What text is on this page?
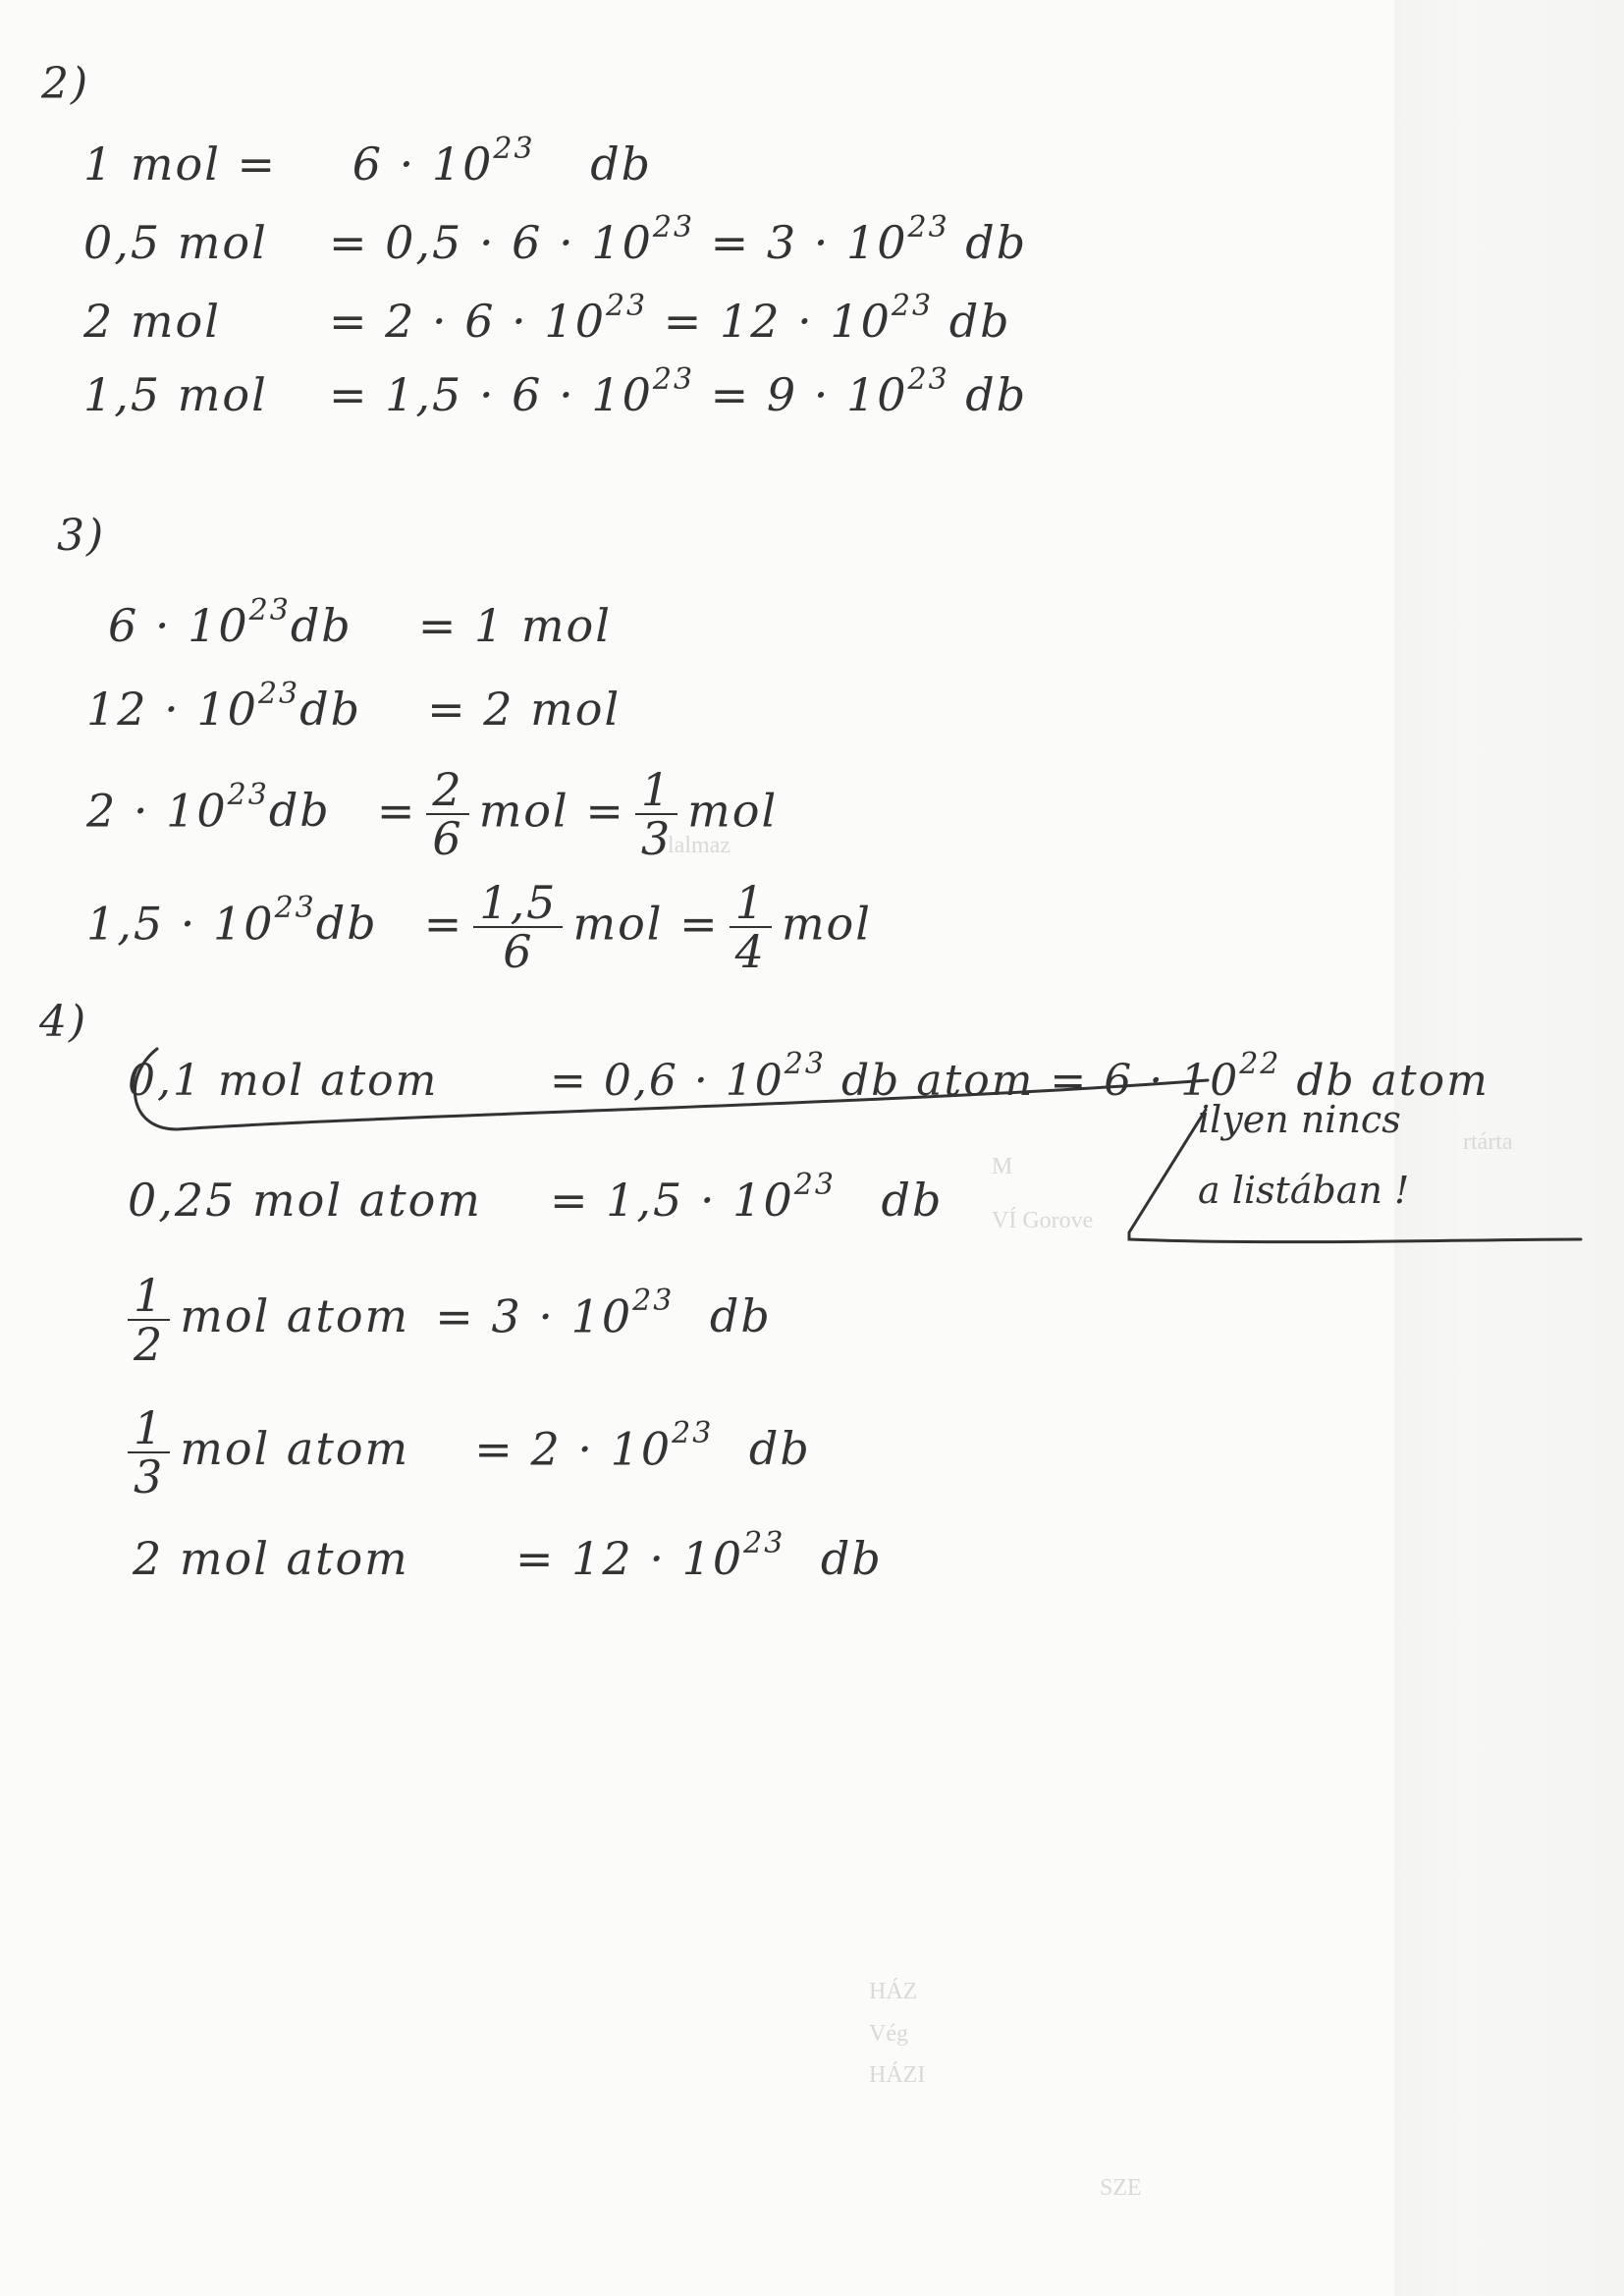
lalmaz
rtárta
M
VÍ Gorove
HÁZ
Vég
HÁZI
SZE
2)
1 mol = $6 \cdot 10^{23}$ db
0,5 mol = $0,5 \cdot 6 \cdot 10^{23} = 3 \cdot 10^{23}$ db
2 mol = $2 \cdot 6 \cdot 10^{23} = 12 \cdot 10^{23}$ db
1,5 mol = $1,5 \cdot 6 \cdot 10^{23} = 9 \cdot 10^{23}$ db
3)
$6 \cdot 10^{23}db = 1$ mol
$12 \cdot 10^{23}db = 2$ mol
$2 \cdot 10^{23}db = \frac{2}{6}$ mol = $\frac{1}{3}$ mol
$1,5 \cdot 10^{23}db = \frac{1,5}{6}$ mol = $\frac{1}{4}$ mol
4)
0,1 mol atom	= $0,6 \cdot 10^{23}$ db atom = $6 \cdot 10^{22}$ db atom
0,25 mol atom = $1,5 \cdot 10^{23}$ db
$\frac{1}{2}$ mol atom = $3 \cdot 10^{23}$ db
$\frac{1}{3}$ mol atom = $2 \cdot 10^{23}$ db
2 mol atom = $12 \cdot 10^{23}$ db
ilyen nincs
a listában !
